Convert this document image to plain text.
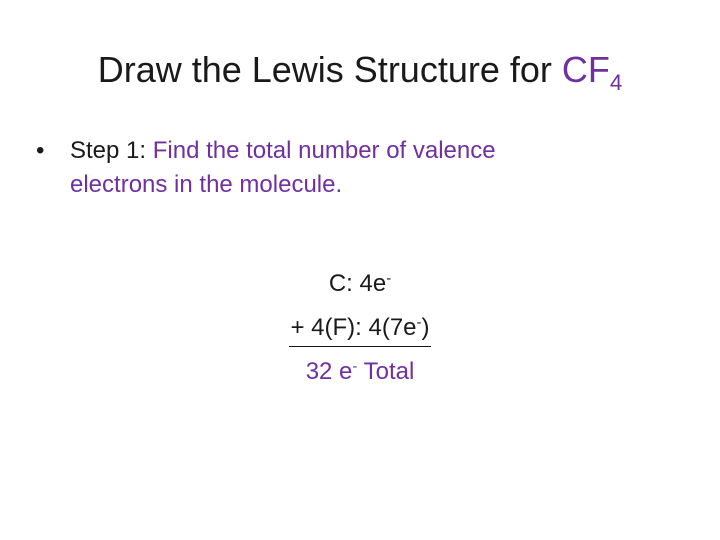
Draw the Lewis Structure for $CF_4$
•	Step 1: Find the total number of valence
electrons in the molecule.
C: 4e-
+ 4(F): 4(7e-)
32 e- Total
